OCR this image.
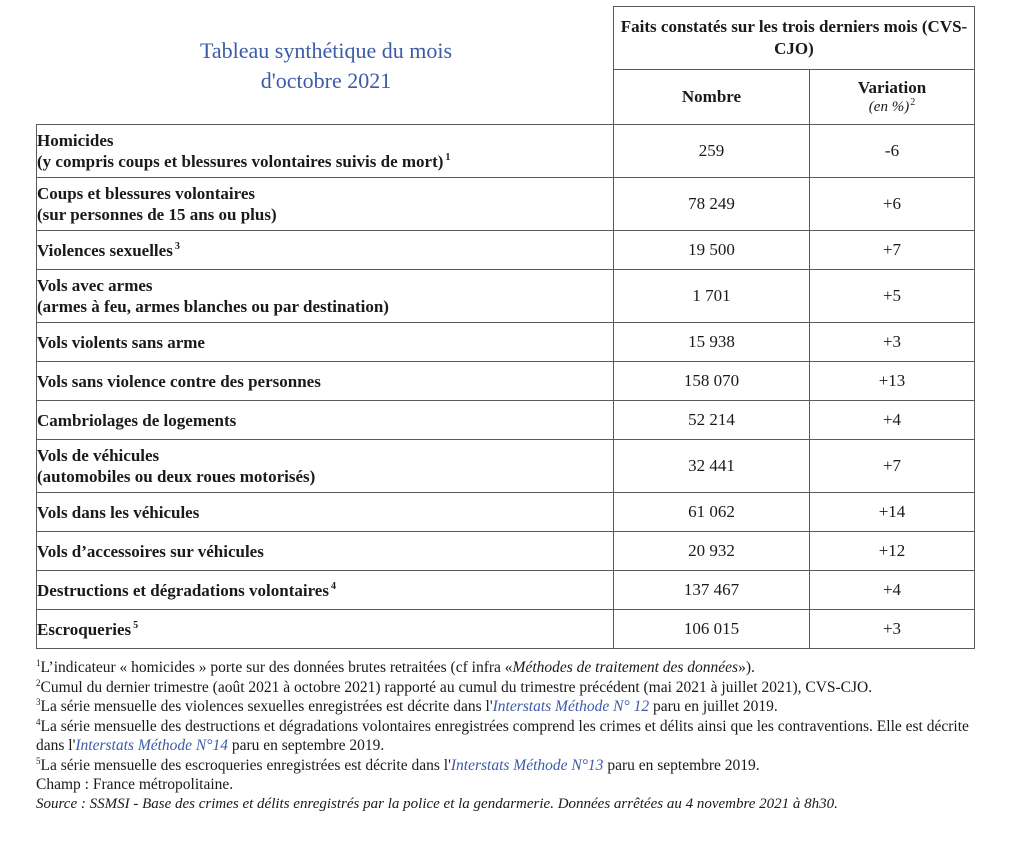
Tableau synthétique du mois
d'octobre 2021
	Faits constatés sur les trois derniers mois (CVS-CJO)	

	Nombre	Variation
(en %)$^2$

Homicides
(y compris coups et blessures volontaires suivis de mort) $^1$	259	-6

Coups et blessures volontaires
(sur personnes de 15 ans ou plus)	78 249	+6

Violences sexuelles $^3$	19 500	+7

Vols avec armes
(armes à feu, armes blanches ou par destination)	1 701	+5

Vols violents sans arme	15 938	+3

Vols sans violence contre des personnes	158 070	+13

Cambriolages de logements	52 214	+4

Vols de véhicules
(automobiles ou deux roues motorisés)	32 441	+7

Vols dans les véhicules	61 062	+14

Vols d’accessoires sur véhicules	20 932	+12

Destructions et dégradations volontaires $^4$	137 467	+4

Escroqueries $^5$	106 015	+3

$^1$L’indicateur « homicides » porte sur des données brutes retraitées (cf infra «Méthodes de traitement des données»).

$^2$Cumul du dernier trimestre (août 2021 à octobre 2021) rapporté au cumul du trimestre précédent (mai 2021 à juillet 2021), CVS-CJO.

$^3$La série mensuelle des violences sexuelles enregistrées est décrite dans l'Interstats Méthode N° 12 paru en juillet 2019.

$^4$La série mensuelle des destructions et dégradations volontaires enregistrées comprend les crimes et délits ainsi que les contraventions. Elle est décrite dans l'Interstats Méthode N°14 paru en septembre 2019.

$^5$La série mensuelle des escroqueries enregistrées est décrite dans l'Interstats Méthode N°13 paru en septembre 2019.

Champ : France métropolitaine.

Source : SSMSI - Base des crimes et délits enregistrés par la police et la gendarmerie. Données arrêtées au 4 novembre 2021 à 8h30.
